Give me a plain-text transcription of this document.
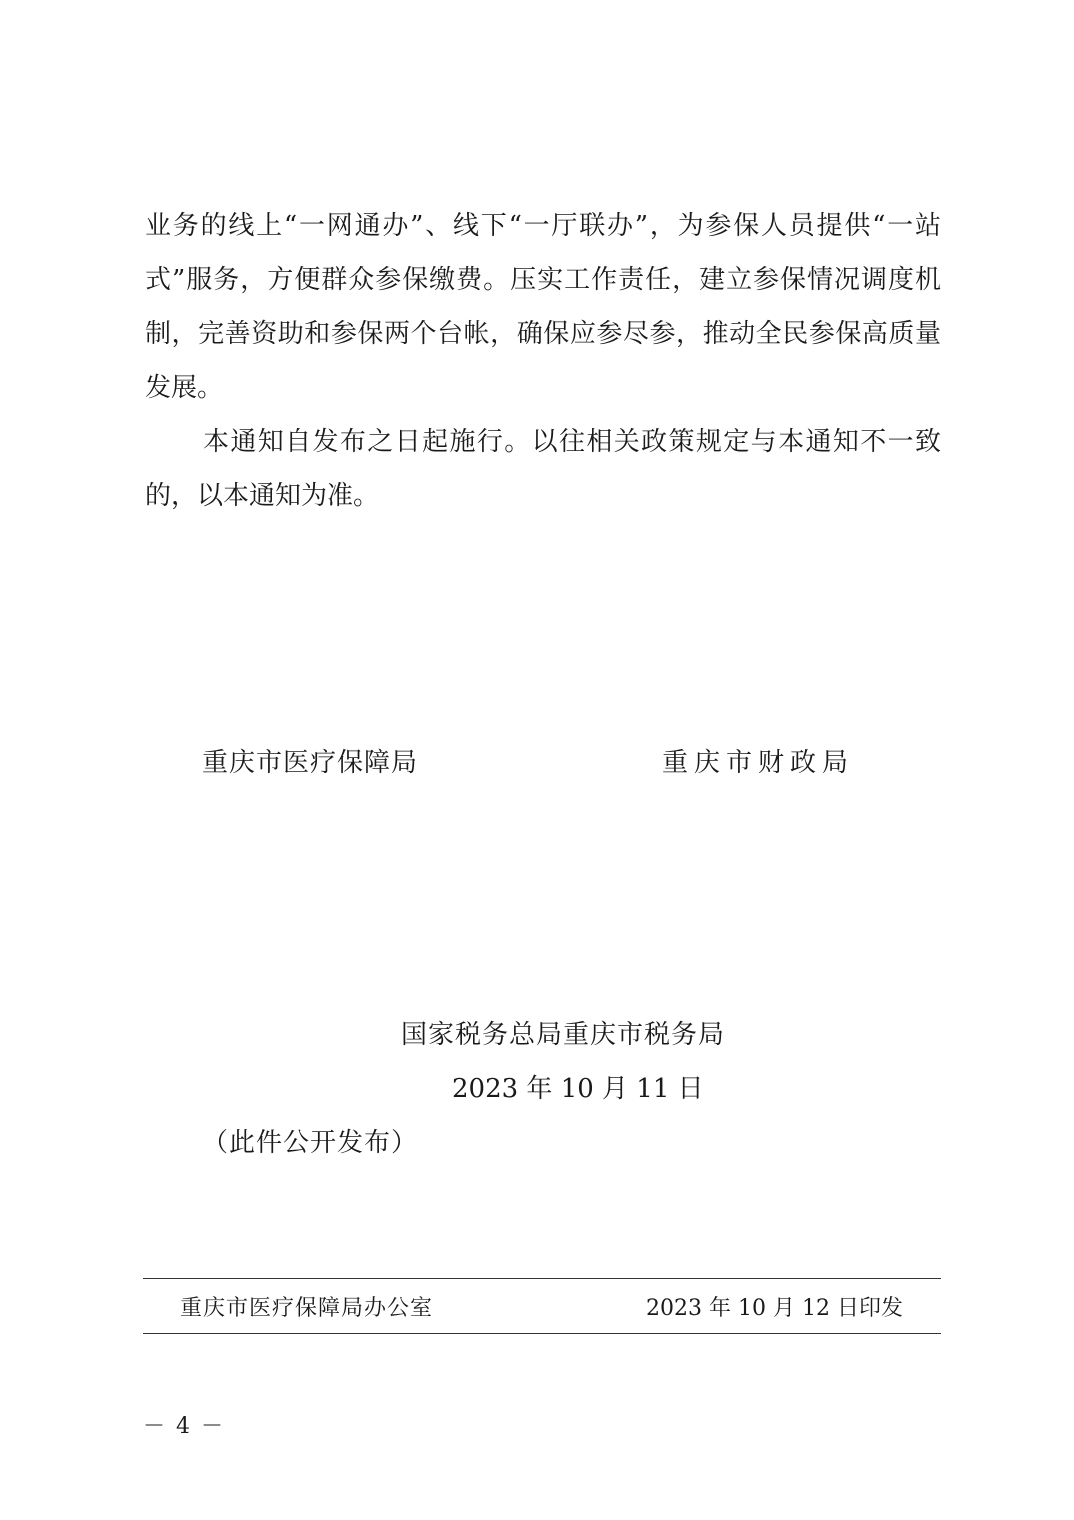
业务的线上“一网通办”、线下“一厅联办”，为参保人员提供“一站式”服务，方便群众参保缴费。压实工作责任，建立参保情况调度机制，完善资助和参保两个台帐，确保应参尽参，推动全民参保高质量发展。

本通知自发布之日起施行。以往相关政策规定与本通知不一致的，以本通知为准。

重庆市医疗保障局	重庆市财政局
国家税务总局重庆市税务局
2023 年 10 月 11 日
（此件公开发布）
重庆市医疗保障局办公室	2023 年 10 月 12 日印发
－ 4 －
